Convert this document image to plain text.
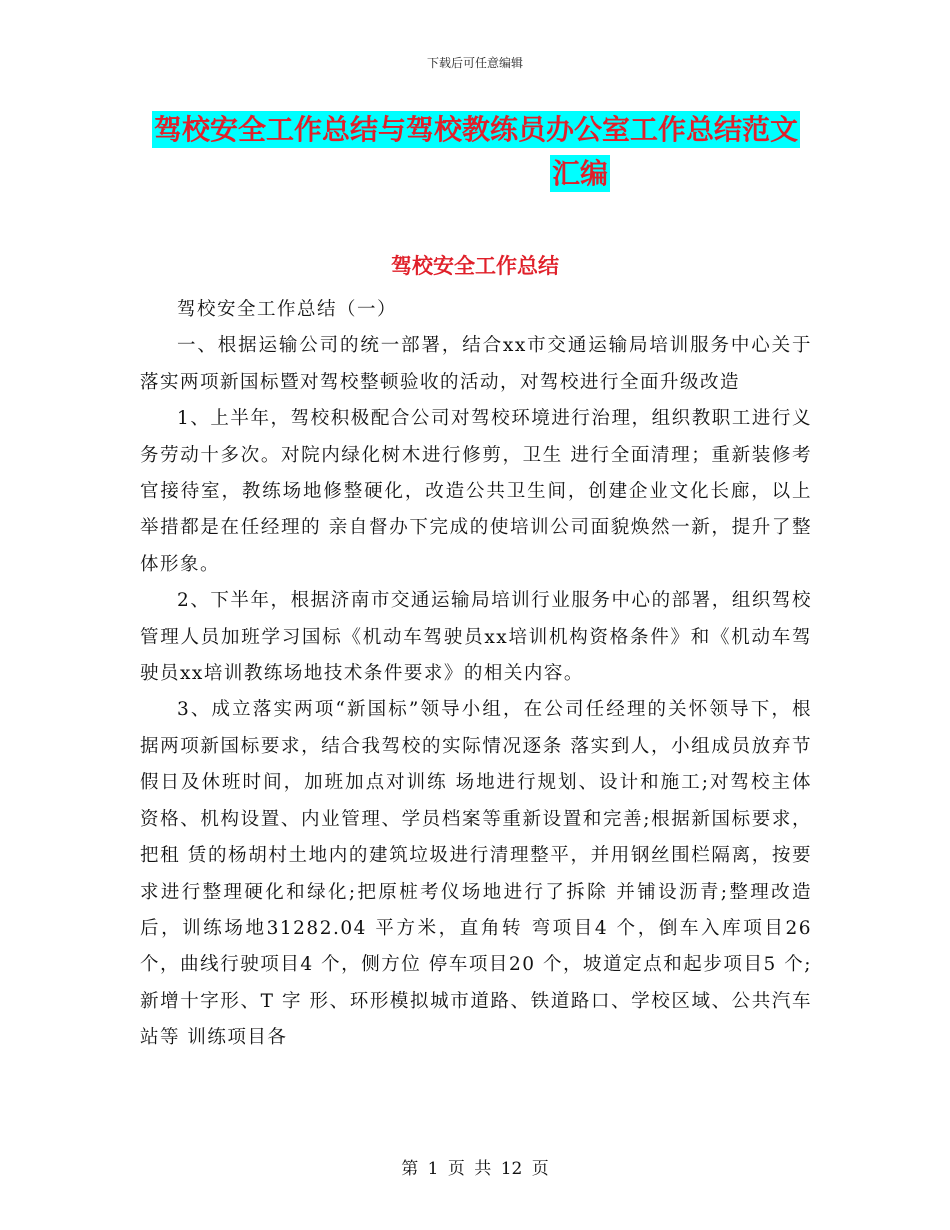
下载后可任意编辑
驾校安全工作总结与驾校教练员办公室工作总结范文
汇编
驾校安全工作总结

驾校安全工作总结（一）

一、根据运输公司的统一部署，结合xx市交通运输局培训服务中心关于落实两项新国标暨对驾校整顿验收的活动，对驾校进行全面升级改造

1、上半年，驾校积极配合公司对驾校环境进行治理，组织教职工进行义务劳动十多次。对院内绿化树木进行修剪，卫生 进行全面清理；重新装修考官接待室，教练场地修整硬化，改造公共卫生间，创建企业文化长廊，以上举措都是在任经理的 亲自督办下完成的使培训公司面貌焕然一新，提升了整体形象。

2、下半年，根据济南市交通运输局培训行业服务中心的部署，组织驾校管理人员加班学习国标《机动车驾驶员xx培训机构资格条件》和《机动车驾驶员xx培训教练场地技术条件要求》的相关内容。

3、成立落实两项“新国标”领导小组，在公司任经理的关怀领导下，根据两项新国标要求，结合我驾校的实际情况逐条 落实到人，小组成员放弃节假日及休班时间，加班加点对训练 场地进行规划、设计和施工;对驾校主体资格、机构设置、内业管理、学员档案等重新设置和完善;根据新国标要求，把租 赁的杨胡村土地内的建筑垃圾进行清理整平，并用钢丝围栏隔离，按要求进行整理硬化和绿化;把原桩考仪场地进行了拆除 并铺设沥青;整理改造后，训练场地31282.04 平方米，直角转 弯项目4 个，倒车入库项目26 个，曲线行驶项目4 个，侧方位 停车项目20 个，坡道定点和起步项目5 个;新增十字形、T 字 形、环形模拟城市道路、铁道路口、学校区域、公共汽车站等 训练项目各

第 1 页 共 12 页
